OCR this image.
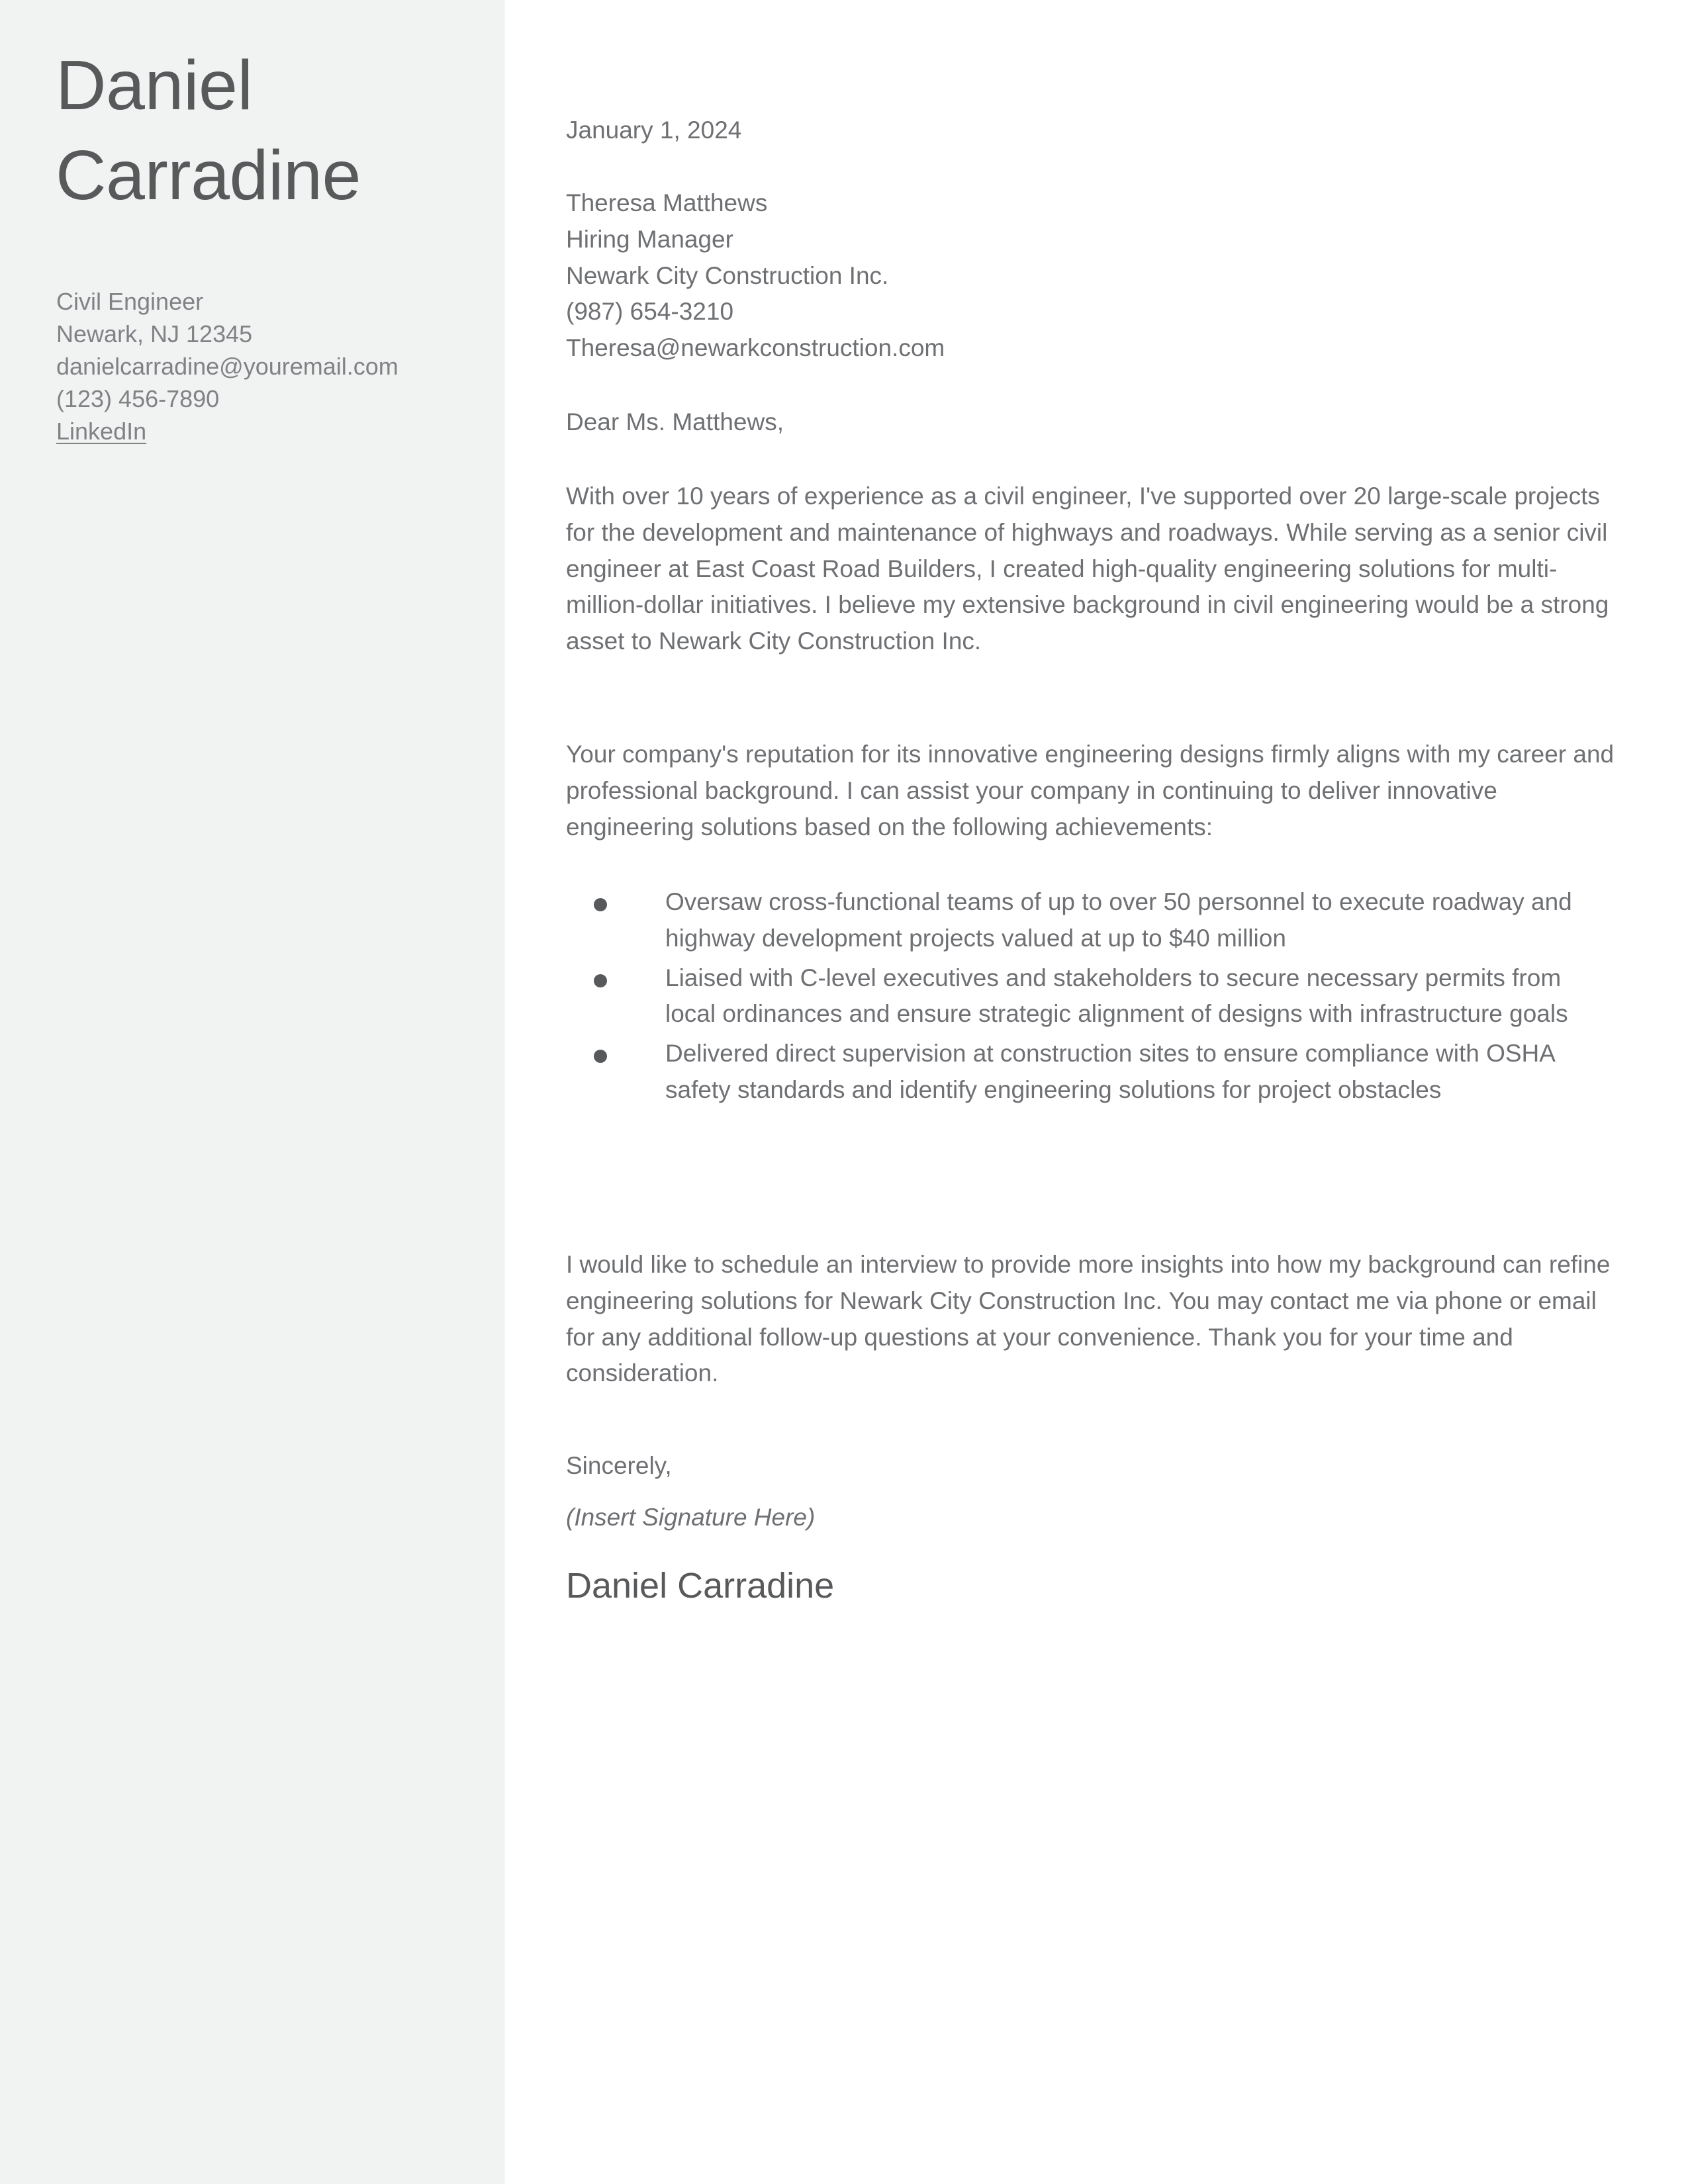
Daniel
Carradine
Civil Engineer
Newark, NJ 12345
danielcarradine@youremail.com
(123) 456-7890
LinkedIn
January 1, 2024
Theresa Matthews
Hiring Manager
Newark City Construction Inc.
(987) 654-3210
Theresa@newarkconstruction.com
Dear Ms. Matthews,

With over 10 years of experience as a civil engineer, I've supported over 20 large-scale projects for the development and maintenance of highways and roadways. While serving as a senior civil engineer at East Coast Road Builders, I created high-quality engineering solutions for multi-million-dollar initiatives. I believe my extensive background in civil engineering would be a strong asset to Newark City Construction Inc.

Your company's reputation for its innovative engineering designs firmly aligns with my career and professional background. I can assist your company in continuing to deliver innovative engineering solutions based on the following achievements:

Oversaw cross-functional teams of up to over 50 personnel to execute roadway and highway development projects valued at up to $40 million
Liaised with C-level executives and stakeholders to secure necessary permits from local ordinances and ensure strategic alignment of designs with infrastructure goals
Delivered direct supervision at construction sites to ensure compliance with OSHA safety standards and identify engineering solutions for project obstacles

I would like to schedule an interview to provide more insights into how my background can refine engineering solutions for Newark City Construction Inc. You may contact me via phone or email for any additional follow-up questions at your convenience. Thank you for your time and consideration.

Sincerely,
(Insert Signature Here)
Daniel Carradine
